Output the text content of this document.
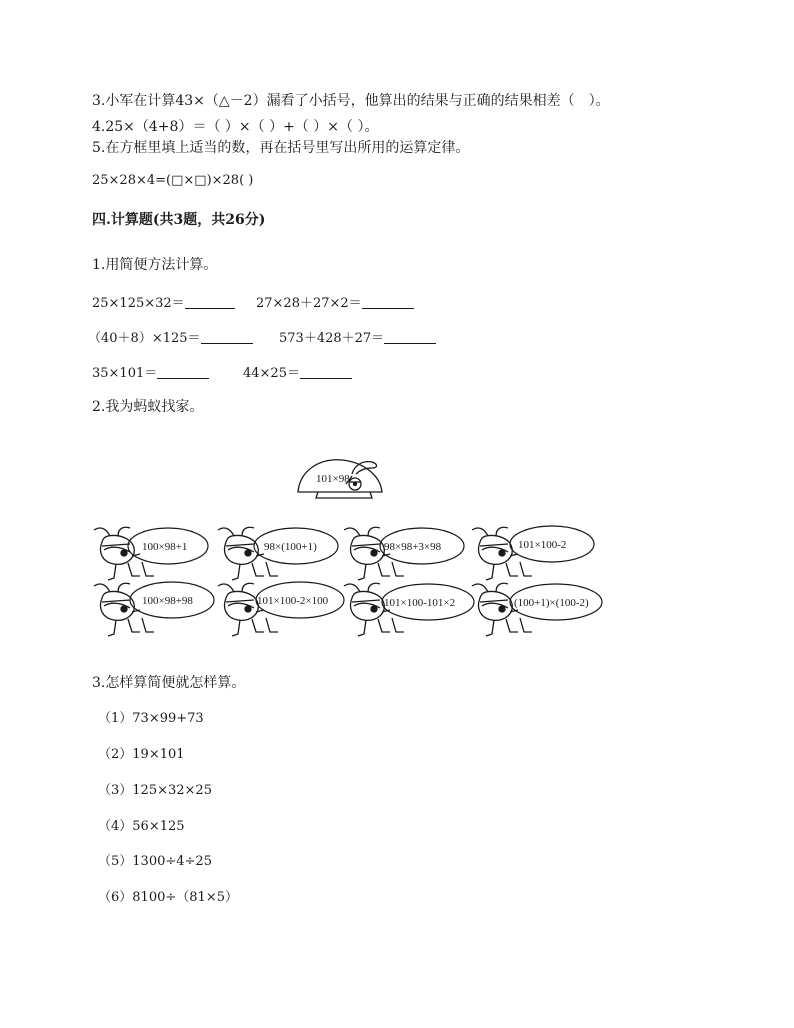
3.小军在计算43×（△－2）漏看了小括号，他算出的结果与正确的结果相差（　）。
4.25×（4+8）＝（ ）×（ ）+（ ）×（ ）。
5.在方框里填上适当的数，再在括号里写出所用的运算定律。
25×28×4=(□×□)×28( )
四.计算题(共3题，共26分)
1.用简便方法计算。
25×125×32＝	27×28＋27×2＝
（40＋8）×125＝	573＋428＋27＝
35×101＝	44×25＝
2.我为蚂蚁找家。
101×98
100×98+1	98×(100+1)	98×98+3×98	101×100-2
100×98+98	101×100-2×100	101×100-101×2	(100+1)×(100-2)
3.怎样算简便就怎样算。
（1）73×99+73
（2）19×101
（3）125×32×25
（4）56×125
（5）1300÷4÷25
（6）8100÷（81×5）
